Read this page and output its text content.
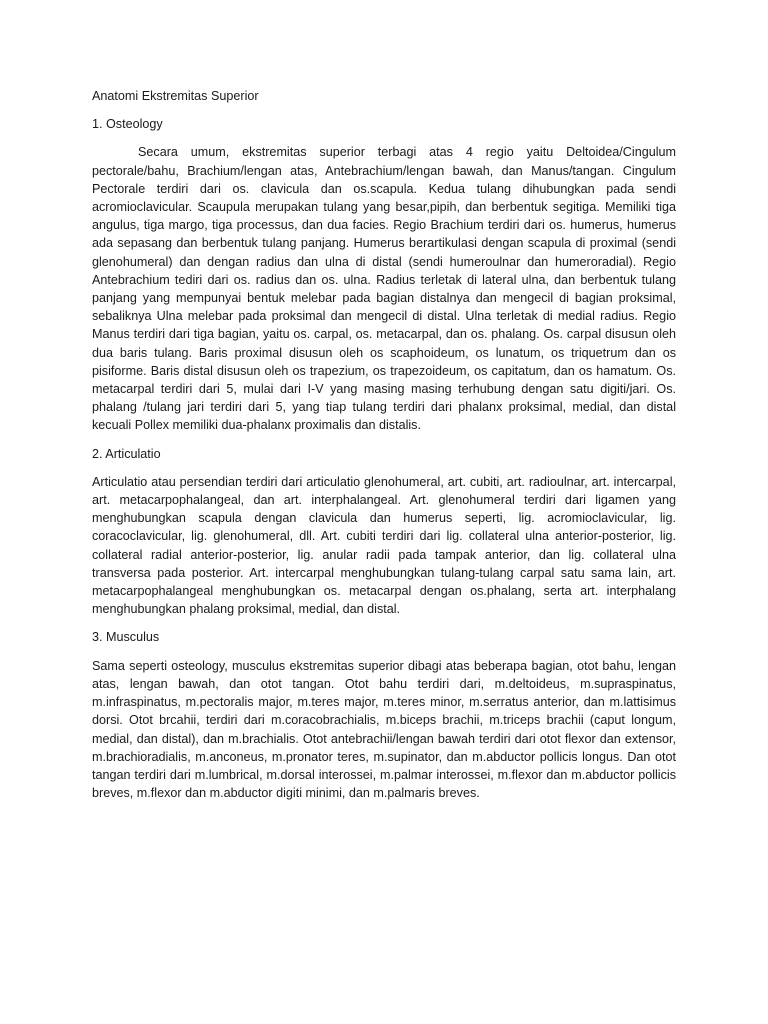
Anatomi Ekstremitas Superior

1. Osteology

Secara umum, ekstremitas superior terbagi atas 4 regio yaitu Deltoidea/Cingulum pectorale/bahu, Brachium/lengan atas, Antebrachium/lengan bawah, dan Manus/tangan. Cingulum Pectorale terdiri dari os. clavicula dan os.scapula. Kedua tulang dihubungkan pada sendi acromioclavicular. Scaupula merupakan tulang yang besar,pipih, dan berbentuk segitiga. Memiliki tiga angulus, tiga margo, tiga processus, dan dua facies. Regio Brachium terdiri dari os. humerus, humerus ada sepasang dan berbentuk tulang panjang. Humerus berartikulasi dengan scapula di proximal (sendi glenohumeral) dan dengan radius dan ulna di distal (sendi humeroulnar dan humeroradial). Regio Antebrachium tediri dari os. radius dan os. ulna. Radius terletak di lateral ulna, dan berbentuk tulang panjang yang mempunyai bentuk melebar pada bagian distalnya dan mengecil di bagian proksimal, sebaliknya Ulna melebar pada proksimal dan mengecil di distal. Ulna terletak di medial radius. Regio Manus terdiri dari tiga bagian, yaitu os. carpal, os. metacarpal, dan os. phalang. Os. carpal disusun oleh dua baris tulang. Baris proximal disusun oleh os scaphoideum, os lunatum, os triquetrum dan os pisiforme. Baris distal disusun oleh os trapezium, os trapezoideum, os capitatum, dan os hamatum. Os. metacarpal terdiri dari 5, mulai dari I-V yang masing masing terhubung dengan satu digiti/jari. Os. phalang /tulang jari terdiri dari 5, yang tiap tulang terdiri dari phalanx proksimal, medial, dan distal kecuali Pollex memiliki dua-phalanx proximalis dan distalis.

2. Articulatio

Articulatio atau persendian terdiri dari articulatio glenohumeral, art. cubiti, art. radioulnar, art. intercarpal, art. metacarpophalangeal, dan art. interphalangeal. Art. glenohumeral terdiri dari ligamen yang menghubungkan scapula dengan clavicula dan humerus seperti, lig. acromioclavicular, lig. coracoclavicular, lig. glenohumeral, dll. Art. cubiti terdiri dari lig. collateral ulna anterior-posterior, lig. collateral radial anterior-posterior, lig. anular radii pada tampak anterior, dan lig. collateral ulna transversa pada posterior. Art. intercarpal menghubungkan tulang-tulang carpal satu sama lain, art. metacarpophalangeal menghubungkan os. metacarpal dengan os.phalang, serta art. interphalang menghubungkan phalang proksimal, medial, dan distal.

3. Musculus

Sama seperti osteology, musculus ekstremitas superior dibagi atas beberapa bagian, otot bahu, lengan atas, lengan bawah, dan otot tangan. Otot bahu terdiri dari, m.deltoideus, m.supraspinatus, m.infraspinatus, m.pectoralis major, m.teres major, m.teres minor, m.serratus anterior, dan m.lattisimus dorsi. Otot brcahii, terdiri dari m.coracobrachialis, m.biceps brachii, m.triceps brachii (caput longum, medial, dan distal), dan m.brachialis. Otot antebrachii/lengan bawah terdiri dari otot flexor dan extensor, m.brachioradialis, m.anconeus, m.pronator teres, m.supinator, dan m.abductor pollicis longus. Dan otot tangan terdiri dari m.lumbrical, m.dorsal interossei, m.palmar interossei, m.flexor dan m.abductor pollicis breves, m.flexor dan m.abductor digiti minimi, dan m.palmaris breves.
